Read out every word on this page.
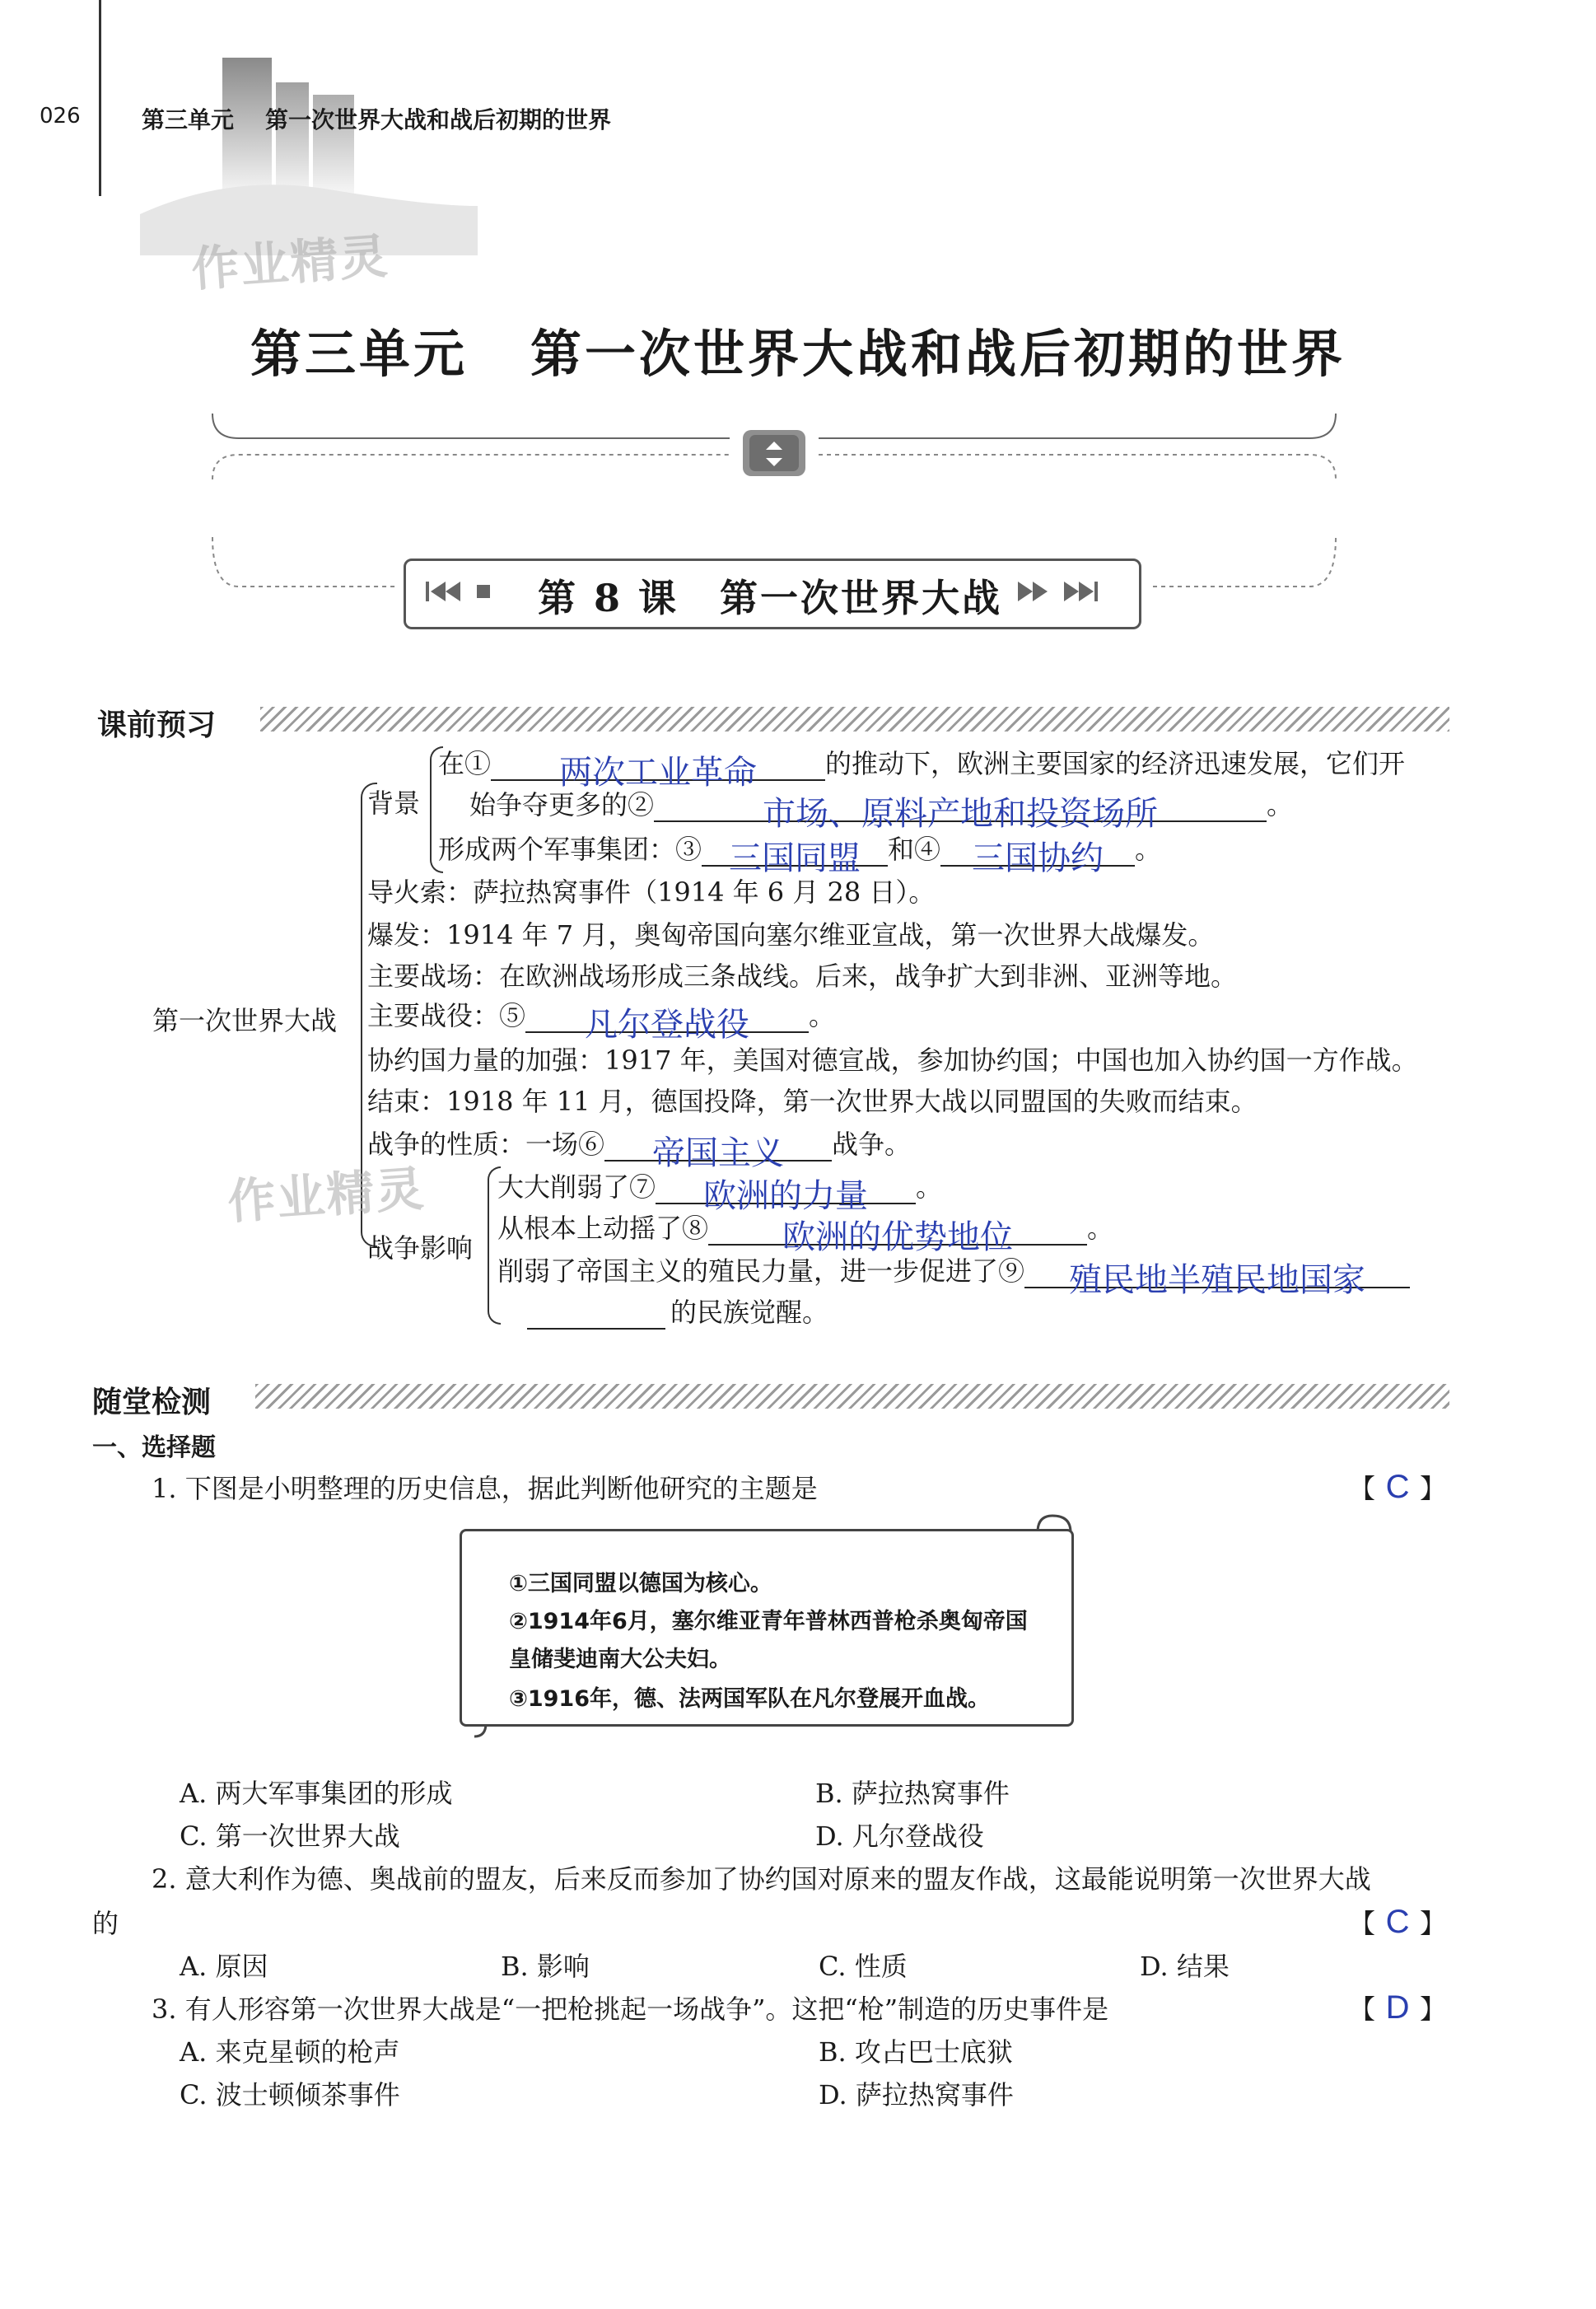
026	第三单元 第一次世界大战和战后初期的世界
作业精灵
第三单元 第一次世界大战和战后初期的世界
第 8 课 第一次世界大战
课前预习
第一次世界大战
背景
在① 两次工业革命	的推动下，欧洲主要国家的经济迅速发展，它们开
始争夺更多的②	市场、原料产地和投资场所	。
形成两个军事集团：③ 三国同盟 和④ 三国协约 。
导火索：萨拉热窝事件（1914 年 6 月 28 日）。
爆发：1914 年 7 月，奥匈帝国向塞尔维亚宣战，第一次世界大战爆发。
主要战场：在欧洲战场形成三条战线。后来，战争扩大到非洲、亚洲等地。
主要战役：⑤ 凡尔登战役 。
协约国力量的加强：1917 年，美国对德宣战，参加协约国；中国也加入协约国一方作战。
结束：1918 年 11 月，德国投降，第一次世界大战以同盟国的失败而结束。
战争的性质：一场⑥ 帝国主义 战争。
战争影响
大大削弱了⑦ 欧洲的力量 。
从根本上动摇了⑧ 欧洲的优势地位	。
削弱了帝国主义的殖民力量，进一步促进了⑨ 殖民地半殖民地国家
的民族觉醒。
作业精灵
随堂检测
一、选择题
1. 下图是小明整理的历史信息，据此判断他研究的主题是	【 C 】
①三国同盟以德国为核心。
②1914年6月，塞尔维亚青年普林西普枪杀奥匈帝国
皇储斐迪南大公夫妇。
③1916年，德、法两国军队在凡尔登展开血战。
A. 两大军事集团的形成	B. 萨拉热窝事件
C. 第一次世界大战	D. 凡尔登战役
2. 意大利作为德、奥战前的盟友，后来反而参加了协约国对原来的盟友作战，这最能说明第一次世界大战
的	【 C 】
A. 原因	B. 影响	C. 性质	D. 结果
3. 有人形容第一次世界大战是“一把枪挑起一场战争”。这把“枪”制造的历史事件是	【 D 】
A. 来克星顿的枪声	B. 攻占巴士底狱
C. 波士顿倾茶事件	D. 萨拉热窝事件
